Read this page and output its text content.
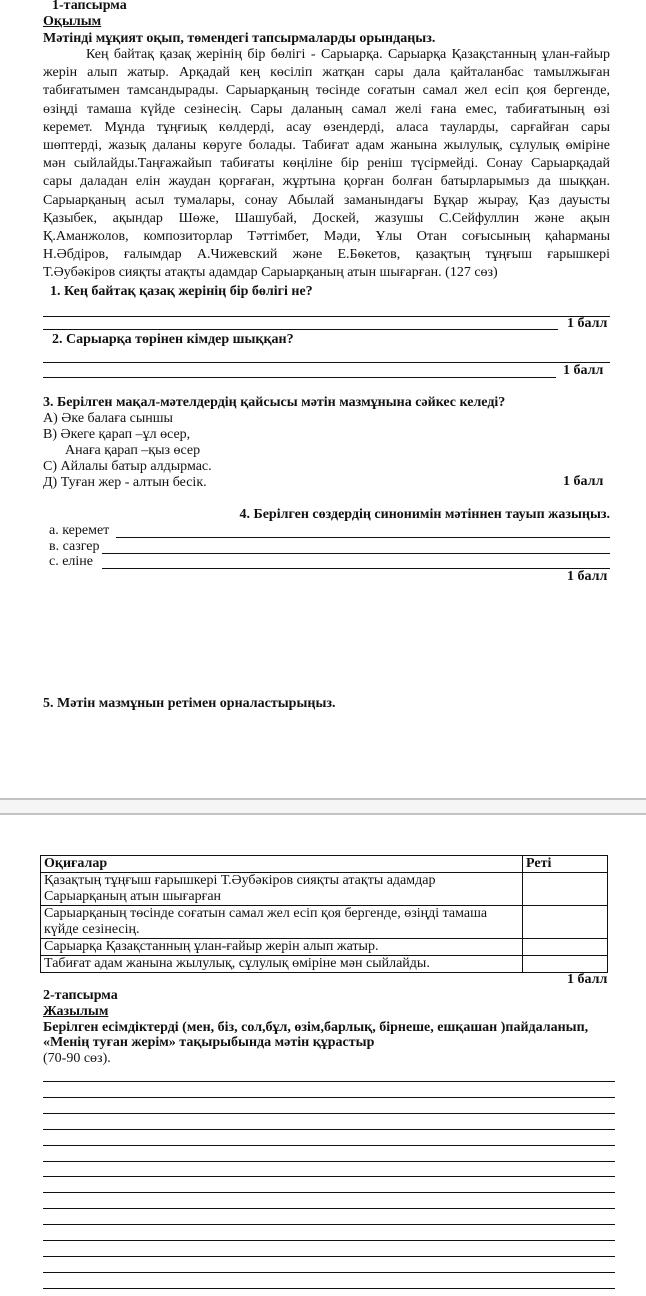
1-тапсырма
Оқылым
Мәтінді мұқият оқып, төмендегі тапсырмаларды орындаңыз.
Кең байтақ қазақ жерінің бір бөлігі - Сарыарқа. Сарыарқа Қазақстанның ұлан-ғайыр
жерін алып жатыр. Арқадай кең көсіліп жатқан сары дала қайталанбас тамылжыған
табиғатымен тамсандырады. Сарыарқаның төсінде соғатын самал жел есіп қоя бергенде,
өзіңді тамаша күйде сезінесің. Сары даланың самал желі ғана емес, табиғатының өзі
керемет. Мұнда тұңғиық көлдерді, асау өзендерді, аласа тауларды, сарғайған сары
шөптерді, жазық даланы көруге болады. Табиғат адам жанына жылулық, сұлулық өміріне
мән сыйлайды.Таңғажайып табиғаты көңіліне бір реніш түсірмейді. Сонау Сарыарқадай
сары даладан елін жаудан қорғаған, жұртына қорған болған батырларымыз да шыққан.
Сарыарқаның асыл тумалары, сонау Абылай заманындағы Бұқар жырау, Қаз дауысты
Қазыбек, ақындар Шөже, Шашубай, Доскей, жазушы С.Сейфуллин және ақын
Қ.Аманжолов, композиторлар Тәттімбет, Мәди, Ұлы Отан соғысының қаһарманы
Н.Әбдіров, ғалымдар А.Чижевский және Е.Бөкетов, қазақтың тұңғыш ғарышкері
Т.Әубәкіров сияқты атақты адамдар Сарыарқаның атын шығарған. (127 сөз)
1. Кең байтақ қазақ жерінің бір бөлігі не?
1 балл
2. Сарыарқа төрінен кімдер шыққан?
1 балл
3. Берілген мақал-мәтелдердің қайсысы мәтін мазмұнына сәйкес келеді?
А) Әке балаға сыншы
В) Әкеге қарап –ұл өсер,
Анаға қарап –қыз өсер
С) Айлалы батыр алдырмас.
Д) Туған жер - алтын бесік.	1 балл
4. Берілген сөздердің синонимін мәтіннен тауып жазыңыз.
а. керемет
в. сазгер
с. еліне
1 балл
5. Мәтін мазмұнын ретімен орналастырыңыз.
Оқиғалар	Реті
Қазақтың тұңғыш ғарышкері Т.Әубәкіров сияқты атақты адамдар Сарыарқаның атын шығарған	
Сарыарқаның төсінде соғатын самал жел есіп қоя бергенде, өзіңді тамаша күйде сезінесің.	
Сарыарқа Қазақстанның ұлан-ғайыр жерін алып жатыр.	
Табиғат адам жанына жылулық, сұлулық өміріне мән сыйлайды.	
1 балл
2-тапсырма
Жазылым
Берілген есімдіктерді (мен, біз, сол,бұл, өзім,барлық, бірнеше, ешқашан )пайдаланып,
«Менің туған жерім» тақырыбында мәтін құрастыр
(70-90 сөз).
